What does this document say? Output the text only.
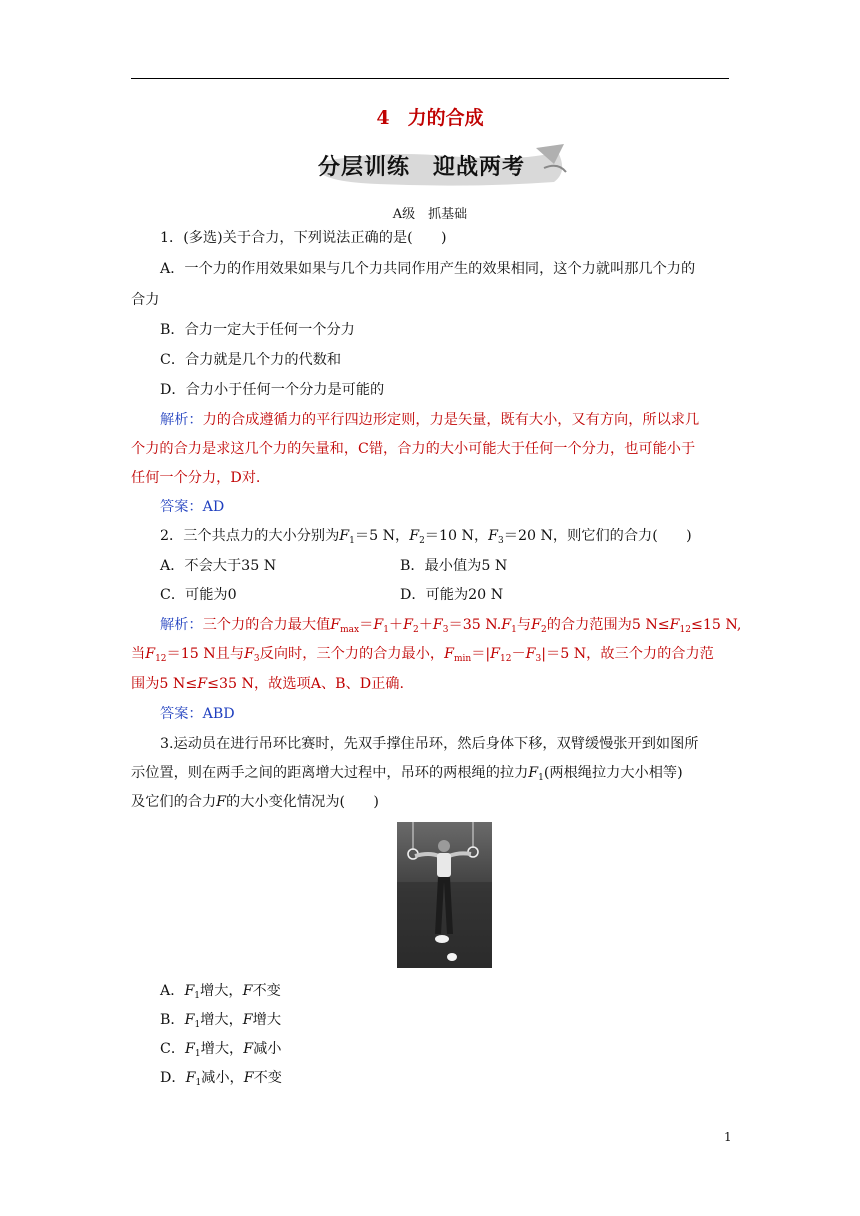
4 力的合成
分层训练　迎战两考
A级　抓基础
1．(多选)关于合力，下列说法正确的是(　　)
A．一个力的作用效果如果与几个力共同作用产生的效果相同，这个力就叫那几个力的
合力
B．合力一定大于任何一个分力
C．合力就是几个力的代数和
D．合力小于任何一个分力是可能的
解析：力的合成遵循力的平行四边形定则，力是矢量，既有大小，又有方向，所以求几
个力的合力是求这几个力的矢量和，C错，合力的大小可能大于任何一个分力，也可能小于
任何一个分力，D对.
答案：AD
2．三个共点力的大小分别为$F_1=5$ N，$F_2=10$ N，$F_3=20$ N，则它们的合力(　　)
A．不会大于35 N	B．最小值为5 N
C．可能为0	D．可能为20 N
解析：三个力的合力最大值$F_{max}=F_1+F_2+F_3=35$ $N.F_1$与$F_2$的合力范围为5 $N\le F_{12}\le 15$ N,
当$F_{12}=15$ N且与$F_3$反向时，三个力的合力最小，$F_{min}=|F_{12}-F_3|=5$ N，故三个力的合力范
围为5 N≤F≤35 N，故选项A、B、D正确.
答案：ABD
3.运动员在进行吊环比赛时，先双手撑住吊环，然后身体下移，双臂缓慢张开到如图所
示位置，则在两手之间的距离增大过程中，吊环的两根绳的拉力$F_1$(两根绳拉力大小相等)
及它们的合力F的大小变化情况为(　　)
A．$F_1$增大，F不变
B．$F_1$增大，F增大
C．$F_1$增大，F减小
D．$F_1$减小，F不变
1
